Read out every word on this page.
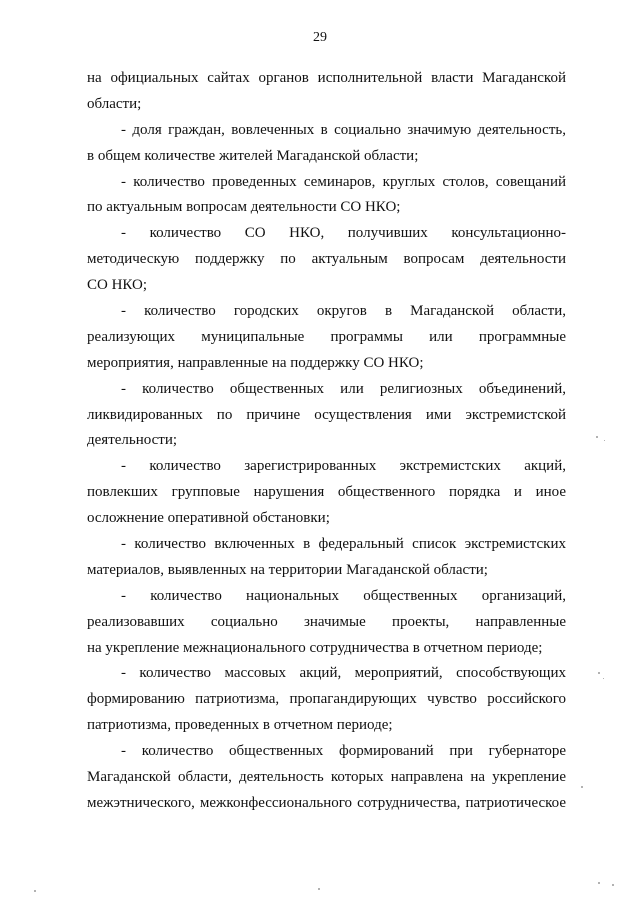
29
на официальных сайтах органов исполнительной власти Магаданской
области;
- доля граждан, вовлеченных в социально значимую деятельность,
в общем количестве жителей Магаданской области;
- количество проведенных семинаров, круглых столов, совещаний
по актуальным вопросам деятельности СО НКО;
- количество СО НКО, получивших консультационно-
методическую поддержку по актуальным вопросам деятельности
СО НКО;
- количество городских округов в Магаданской области,
реализующих муниципальные программы или программные
мероприятия, направленные на поддержку СО НКО;
- количество общественных или религиозных объединений,
ликвидированных по причине осуществления ими экстремистской
деятельности;
- количество зарегистрированных экстремистских акций,
повлекших групповые нарушения общественного порядка и иное
осложнение оперативной обстановки;
- количество включенных в федеральный список экстремистских
материалов, выявленных на территории Магаданской области;
- количество национальных общественных организаций,
реализовавших социально значимые проекты, направленные
на укрепление межнационального сотрудничества в отчетном периоде;
- количество массовых акций, мероприятий, способствующих
формированию патриотизма, пропагандирующих чувство российского
патриотизма, проведенных в отчетном периоде;
- количество общественных формирований при губернаторе
Магаданской области, деятельность которых направлена на укрепление
межэтнического, межконфессионального сотрудничества, патриотическое
